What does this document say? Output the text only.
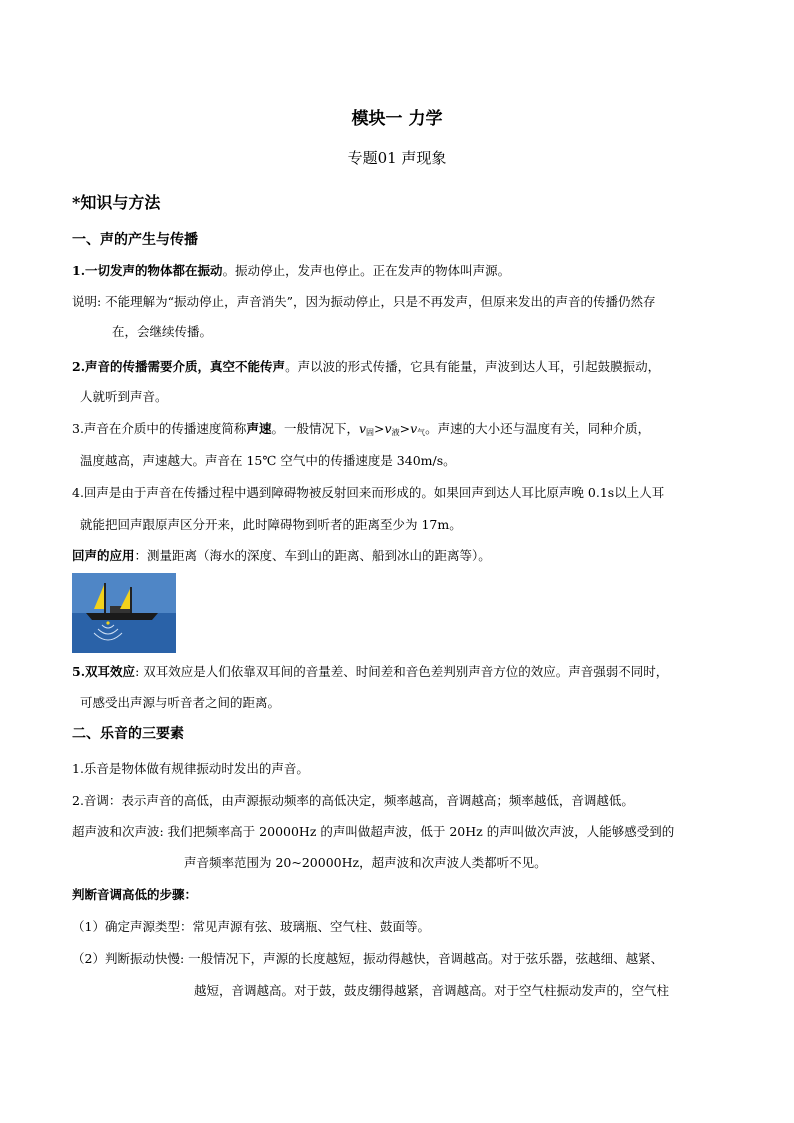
模块一 力学
专题01 声现象
*知识与方法
一、声的产生与传播
1.一切发声的物体都在振动。振动停止，发声也停止。正在发声的物体叫声源。
说明: 不能理解为“振动停止，声音消失”，因为振动停止，只是不再发声，但原来发出的声音的传播仍然存
在，会继续传播。
2.声音的传播需要介质，真空不能传声。声以波的形式传播，它具有能量，声波到达人耳，引起鼓膜振动，
人就听到声音。
3.声音在介质中的传播速度简称声速。一般情况下，$v_固>v_液>v_气$。声速的大小还与温度有关，同种介质，
温度越高，声速越大。声音在 15℃ 空气中的传播速度是 340m/s。
4.回声是由于声音在传播过程中遇到障碍物被反射回来而形成的。如果回声到达人耳比原声晚 0.1s以上人耳
就能把回声跟原声区分开来，此时障碍物到听者的距离至少为 17m。
回声的应用：测量距离（海水的深度、车到山的距离、船到冰山的距离等）。
5.双耳效应: 双耳效应是人们依靠双耳间的音量差、时间差和音色差判别声音方位的效应。声音强弱不同时，
可感受出声源与听音者之间的距离。
二、乐音的三要素
1.乐音是物体做有规律振动时发出的声音。
2.音调：表示声音的高低，由声源振动频率的高低决定，频率越高，音调越高；频率越低，音调越低。
超声波和次声波: 我们把频率高于 20000Hz 的声叫做超声波，低于 20Hz 的声叫做次声波，人能够感受到的
声音频率范围为 20~20000Hz，超声波和次声波人类都听不见。
判断音调高低的步骤：
（1）确定声源类型：常见声源有弦、玻璃瓶、空气柱、鼓面等。
（2）判断振动快慢: 一般情况下，声源的长度越短，振动得越快，音调越高。对于弦乐器，弦越细、越紧、
越短，音调越高。对于鼓，鼓皮绷得越紧，音调越高。对于空气柱振动发声的，空气柱
